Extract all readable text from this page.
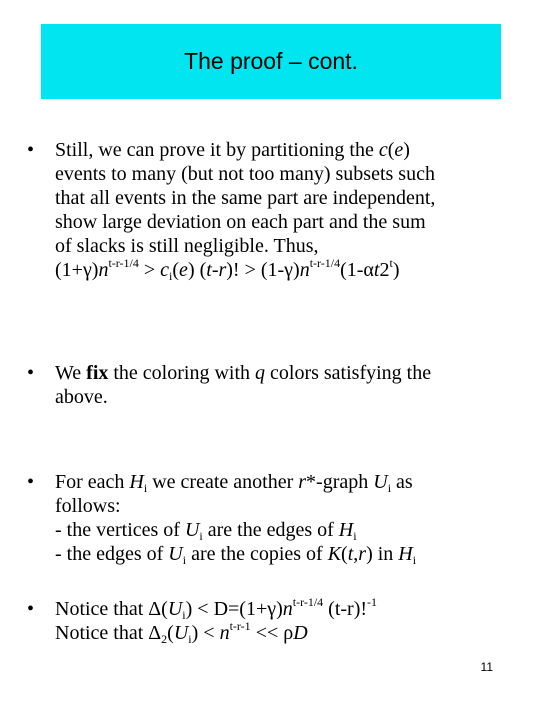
The proof – cont.
• Still, we can prove it by partitioning the c(e)
events to many (but not too many) subsets such
that all events in the same part are independent,
show large deviation on each part and the sum
of slacks is still negligible. Thus,
$(1+\gamma)n^{t-r-1/4} > c_i(e) (t-r)$! > $(1-\gamma)n^{t-r-1/4}(1-\alpha t2^t)$
• We fix the coloring with q colors satisfying the
above.
• For each $H_i$ we create another r*-graph $U_i$ as
follows:
- the vertices of $U_i$ are the edges of $H_i$
- the edges of $U_i$ are the copies of K(t,r) in $H_i$
• Notice that $\Delta(U_i) < D=(1+\gamma)n^{t-r-1/4}$ (t-r)!$^{-1}$
Notice that $\Delta_2(U_i) < n^{t-r-1} << \rho D$
11
